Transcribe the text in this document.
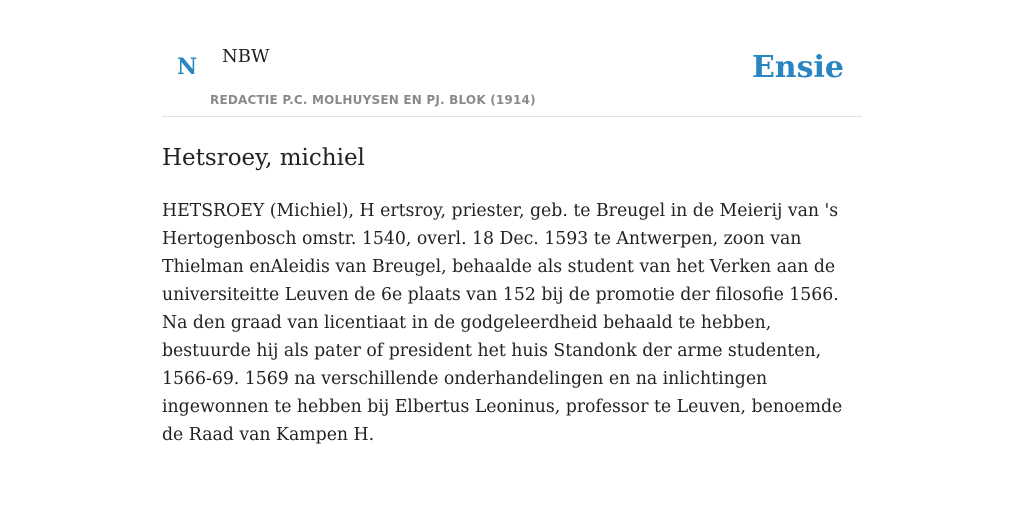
N NBW
REDACTIE P.C. MOLHUYSEN EN PJ. BLOK (1914)
Ensie
Hetsroey, michiel

HETSROEY (Michiel), H ertsroy, priester, geb. te Breugel in de Meierij van 's Hertogenbosch omstr. 1540, overl. 18 Dec. 1593 te Antwerpen, zoon van Thielman enAleidis van Breugel, behaalde als student van het Verken aan de universiteitte Leuven de 6e plaats van 152 bij de promotie der filosofie 1566. Na den graad van licentiaat in de godgeleerdheid behaald te hebben, bestuurde hij als pater of president het huis Standonk der arme studenten, 1566-69. 1569 na verschillende onderhandelingen en na inlichtingen ingewonnen te hebben bij Elbertus Leoninus, professor te Leuven, benoemde de Raad van Kampen H.
